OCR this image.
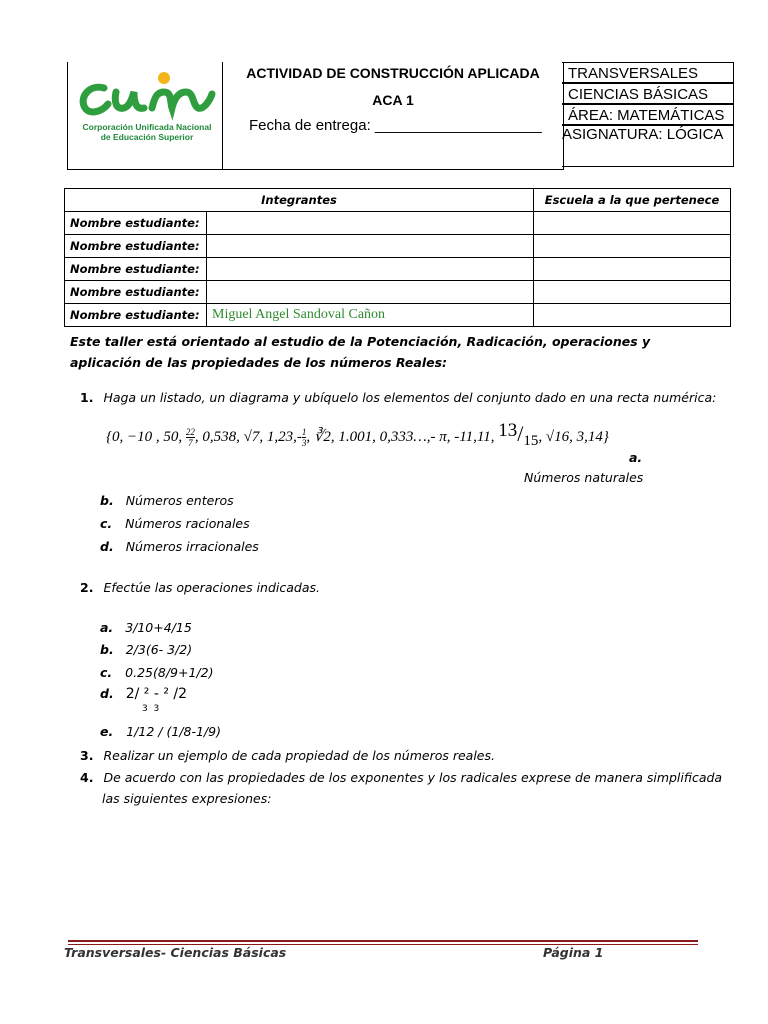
Corporación Unificada Nacional de Educación Superior
ACTIVIDAD DE CONSTRUCCIÓN APLICADA
ACA 1
Fecha de entrega: ____________________
TRANSVERSALES
CIENCIAS BÁSICAS
ÁREA: MATEMÁTICAS
ASIGNATURA: LÓGICA
Integrantes		Escuela a la que pertenece
Nombre estudiante:		
Nombre estudiante:		
Nombre estudiante:		
Nombre estudiante:		
Nombre estudiante:	Miguel Angel Sandoval Cañon	
Este taller está orientado al estudio de la Potenciación, Radicación, operaciones y aplicación de las propiedades de los números Reales:
1. Haga un listado, un diagrama y ubíquelo los elementos del conjunto dado en una recta numérica:
{0, −10 , 50, $\frac{22}{7}$ , 0,538, √7, $1,23,- \frac{1}{3}$ , ∛2, 1.001, 0,333…,- π, -11,11, 13/15, √16, 3,14}
a.
Números naturales
b. Números enteros
c. Números racionales
d. Números irracionales
2. Efectúe las operaciones indicadas.
a. 3/10+4/15
b. 2/3(6- 3/2)
c. 0.25(8/9+1/2)
d. 2/ ² - ² /2
3  3
e. 1/12 / (1/8-1/9)
3. Realizar un ejemplo de cada propiedad de los números reales.
4. De acuerdo con las propiedades de los exponentes y los radicales exprese de manera simplificada
las siguientes expresiones:
Transversales- Ciencias Básicas	Página 1
